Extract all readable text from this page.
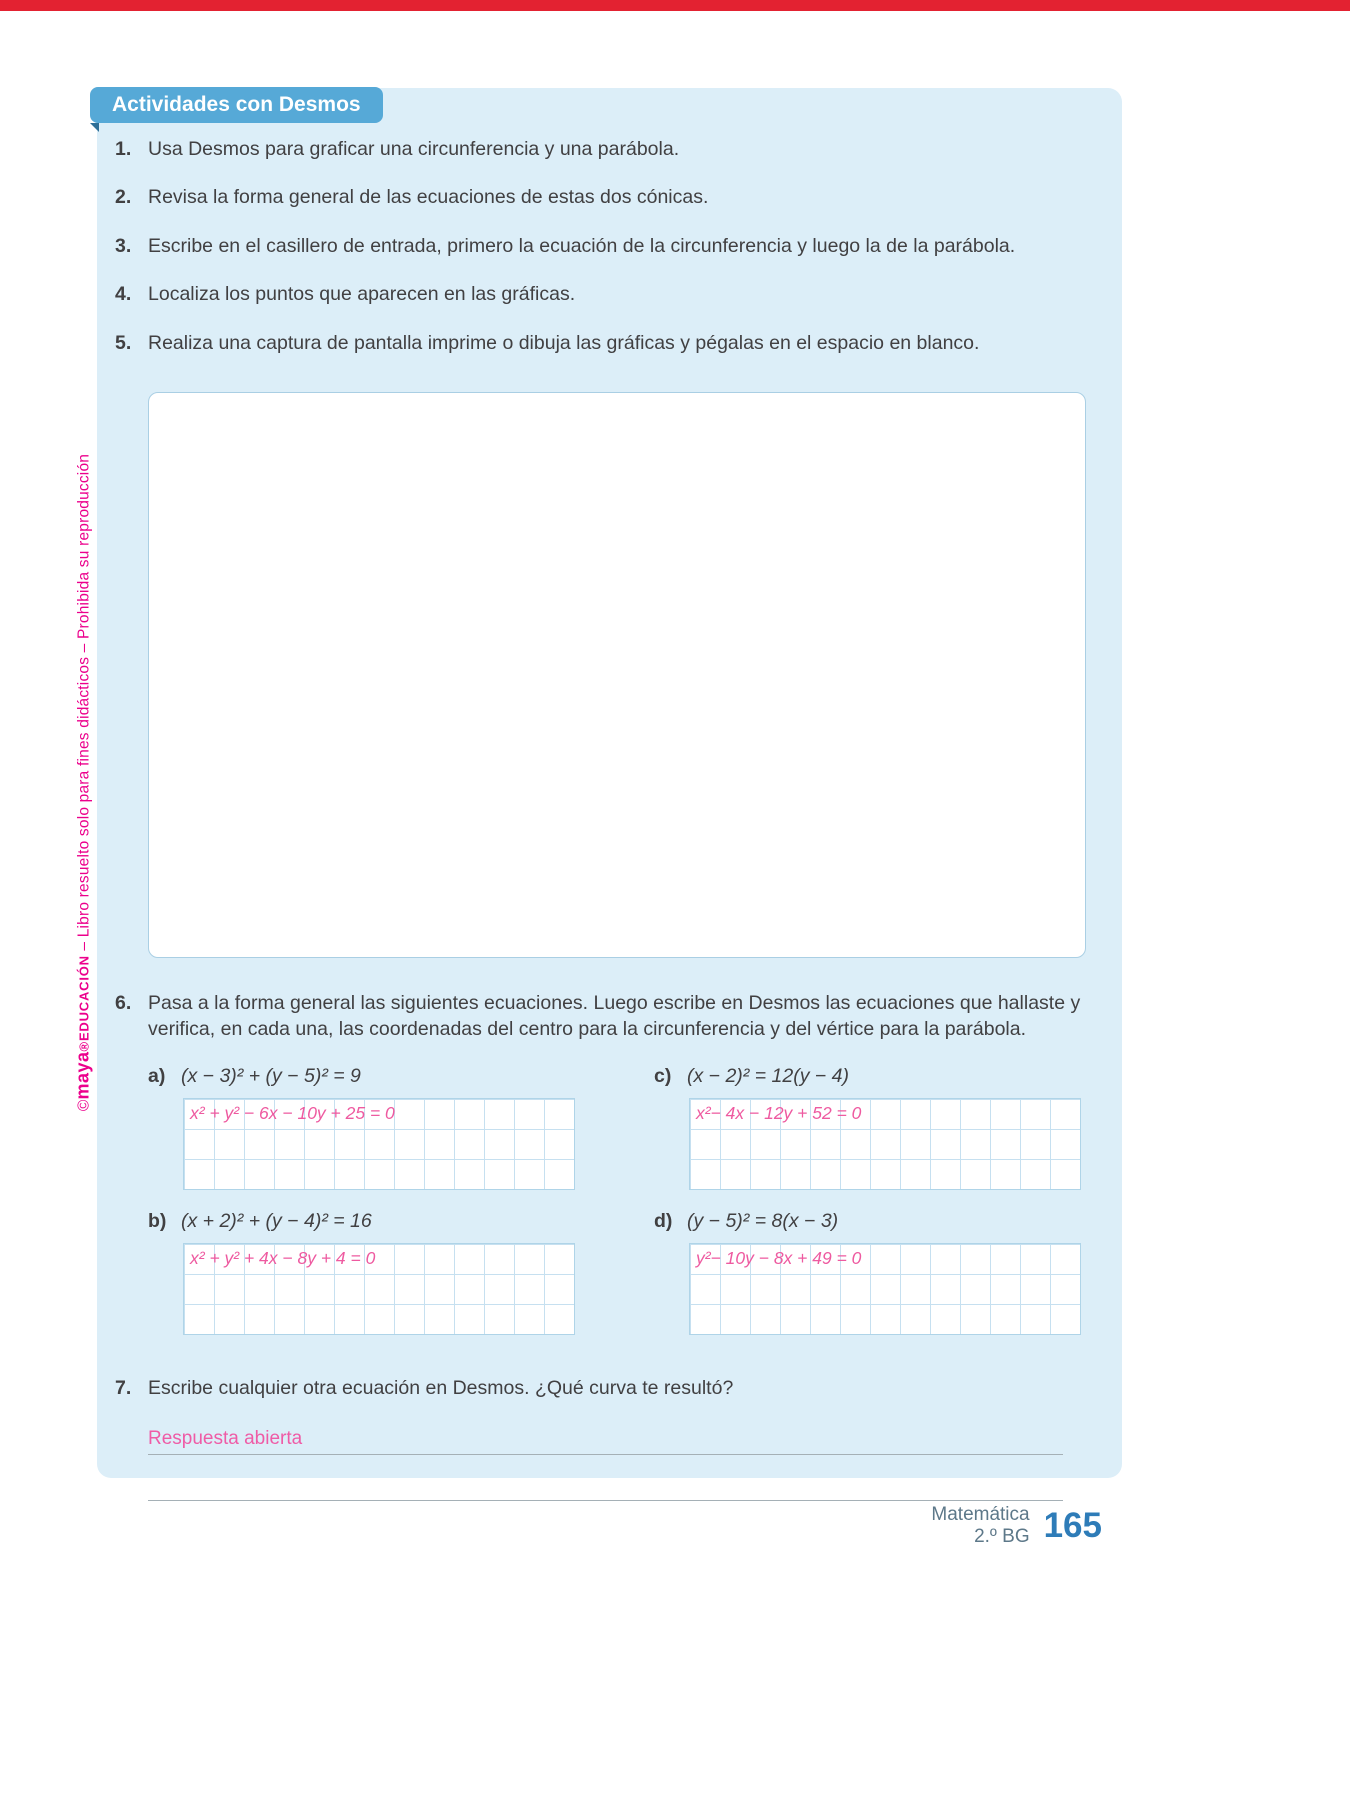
©maya®EDUCACIÓN – Libro resuelto solo para fines didácticos – Prohibida su reproducción
Actividades con Desmos
1. Usa Desmos para graficar una circunferencia y una parábola.
2. Revisa la forma general de las ecuaciones de estas dos cónicas.
3. Escribe en el casillero de entrada, primero la ecuación de la circunferencia y luego la de la parábola.
4. Localiza los puntos que aparecen en las gráficas.
5. Realiza una captura de pantalla imprime o dibuja las gráficas y pégalas en el espacio en blanco.
6. Pasa a la forma general las siguientes ecuaciones. Luego escribe en Desmos las ecuaciones que hallaste y verifica, en cada una, las coordenadas del centro para la circunferencia y del vértice para la parábola.
a) (x − 3)² + (y − 5)² = 9
x² + y² − 6x − 10y + 25 = 0
c) (x − 2)² = 12(y − 4)
x²− 4x − 12y + 52 = 0
b) (x + 2)² + (y − 4)² = 16
x² + y² + 4x − 8y + 4 = 0
d) (y − 5)² = 8(x − 3)
y²− 10y − 8x + 49 = 0
7. Escribe cualquier otra ecuación en Desmos. ¿Qué curva te resultó?
Respuesta abierta
Matemática
2.º BG 165
